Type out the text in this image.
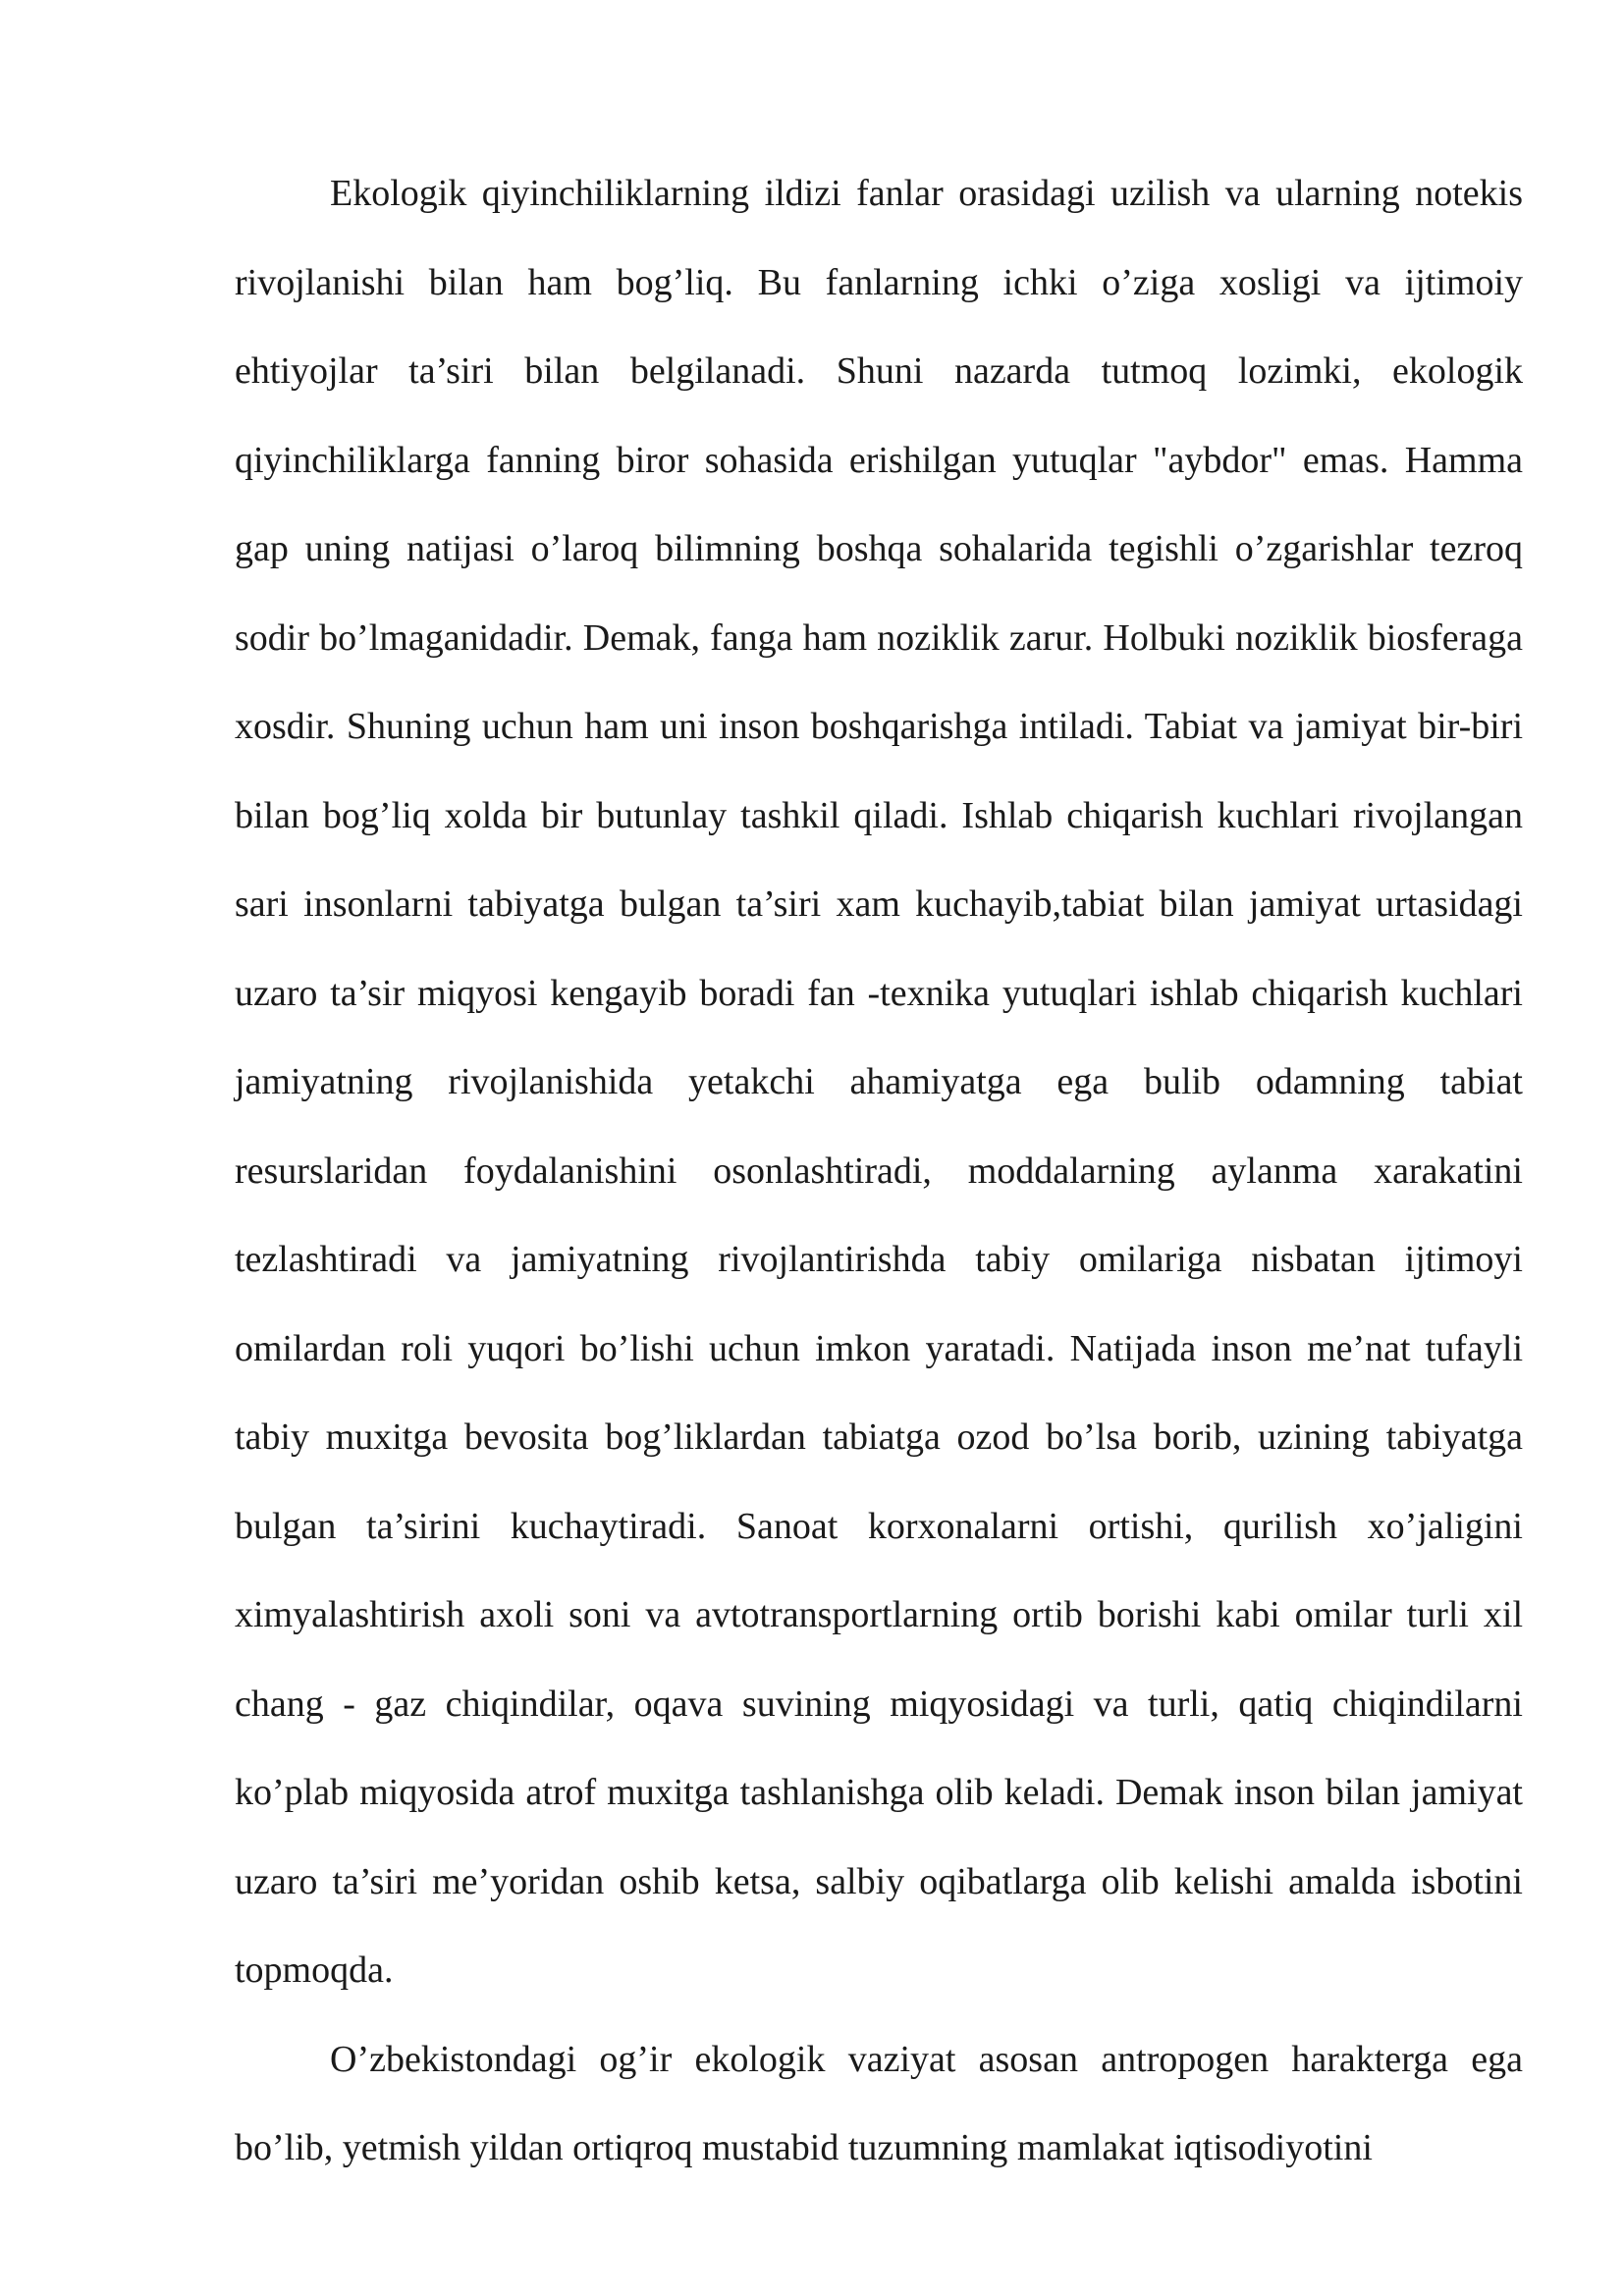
Ekologik qiyinchiliklarning ildizi fanlar orasidagi uzilish va ularning notekis rivojlanishi bilan ham bog’liq. Bu fanlarning ichki o’ziga xosligi va ijtimoiy ehtiyojlar ta’siri bilan belgilanadi. Shuni nazarda tutmoq lozimki, ekologik qiyinchiliklarga fanning biror sohasida erishilgan yutuqlar "aybdor" emas. Hamma gap uning natijasi o’laroq bilimning boshqa sohalarida tegishli o’zgarishlar tezroq sodir bo’lmaganidadir. Demak, fanga ham noziklik zarur. Holbuki noziklik biosferaga xosdir. Shuning uchun ham uni inson boshqarishga intiladi. Tabiat va jamiyat bir-biri bilan bog’liq xolda bir butunlay tashkil qiladi. Ishlab chiqarish kuchlari rivojlangan sari insonlarni tabiyatga bulgan ta’siri xam kuchayib,tabiat bilan jamiyat urtasidagi uzaro ta’sir miqyosi kengayib boradi fan -texnika yutuqlari ishlab chiqarish kuchlari jamiyatning rivojlanishida yetakchi ahamiyatga ega bulib odamning tabiat resurslaridan foydalanishini osonlashtiradi, moddalarning aylanma xarakatini tezlashtiradi va jamiyatning rivojlantirishda tabiy omilariga nisbatan ijtimoyi omilardan roli yuqori bo’lishi uchun imkon yaratadi. Natijada inson me’nat tufayli tabiy muxitga bevosita bog’liklardan tabiatga ozod bo’lsa borib, uzining tabiyatga bulgan ta’sirini kuchaytiradi. Sanoat korxonalarni ortishi, qurilish xo’jaligini ximyalashtirish axoli soni va avtotransportlarning ortib borishi kabi omilar turli xil chang - gaz chiqindilar, oqava suvining miqyosidagi va turli, qatiq chiqindilarni ko’plab miqyosida atrof muxitga tashlanishga olib keladi. Demak inson bilan jamiyat uzaro ta’siri me’yoridan oshib ketsa, salbiy oqibatlarga olib kelishi amalda isbotini topmoqda.

O’zbekistondagi og’ir ekologik vaziyat asosan antropogen harakterga ega bo’lib, yetmish yildan ortiqroq mustabid tuzumning mamlakat iqtisodiyotini
